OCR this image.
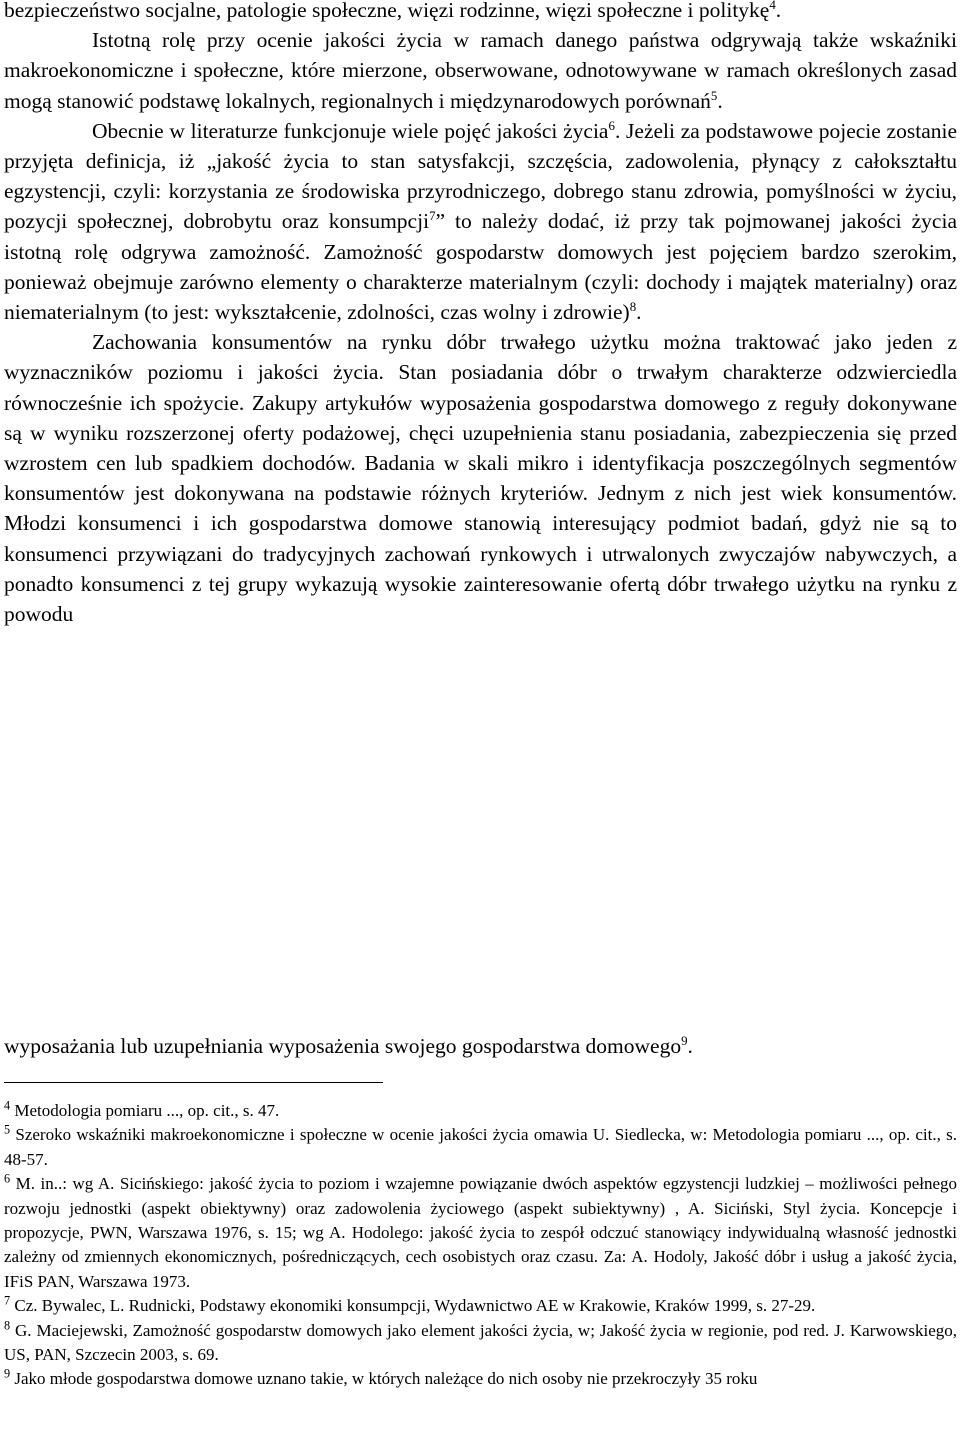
bezpieczeństwo socjalne, patologie społeczne, więzi rodzinne, więzi społeczne i politykę$^4$.
Istotną rolę przy ocenie jakości życia w ramach danego państwa odgrywają także wskaźniki makroekonomiczne i społeczne, które mierzone, obserwowane, odnotowywane w ramach określonych zasad mogą stanowić podstawę lokalnych, regionalnych i międzynarodowych porównań$^5$.
Obecnie w literaturze funkcjonuje wiele pojęć jakości życia$^6$. Jeżeli za podstawowe pojecie zostanie przyjęta definicja, iż „jakość życia to stan satysfakcji, szczęścia, zadowolenia, płynący z całokształtu egzystencji, czyli: korzystania ze środowiska przyrodniczego, dobrego stanu zdrowia, pomyślności w życiu, pozycji społecznej, dobrobytu oraz konsumpcji$^7$” to należy dodać, iż przy tak pojmowanej jakości życia istotną rolę odgrywa zamożność. Zamożność gospodarstw domowych jest pojęciem bardzo szerokim, ponieważ obejmuje zarówno elementy o charakterze materialnym (czyli: dochody i majątek materialny) oraz niematerialnym (to jest: wykształcenie, zdolności, czas wolny i zdrowie)$^8$.
Zachowania konsumentów na rynku dóbr trwałego użytku można traktować jako jeden z wyznaczników poziomu i jakości życia. Stan posiadania dóbr o trwałym charakterze odzwierciedla równocześnie ich spożycie. Zakupy artykułów wyposażenia gospodarstwa domowego z reguły dokonywane są w wyniku rozszerzonej oferty podażowej, chęci uzupełnienia stanu posiadania, zabezpieczenia się przed wzrostem cen lub spadkiem dochodów. Badania w skali mikro i identyfikacja poszczególnych segmentów konsumentów jest dokonywana na podstawie różnych kryteriów. Jednym z nich jest wiek konsumentów. Młodzi konsumenci i ich gospodarstwa domowe stanowią interesujący podmiot badań, gdyż nie są to konsumenci przywiązani do tradycyjnych zachowań rynkowych i utrwalonych zwyczajów nabywczych, a ponadto konsumenci z tej grupy wykazują wysokie zainteresowanie ofertą dóbr trwałego użytku na rynku z powodu

wyposażania lub uzupełniania wyposażenia swojego gospodarstwa domowego$^9$.

$^4$ Metodologia pomiaru ..., op. cit., s. 47.

$^5$ Szeroko wskaźniki makroekonomiczne i społeczne w ocenie jakości życia omawia U. Siedlecka, w: Metodologia pomiaru ..., op. cit., s. 48-57.

$^6$ M. in..: wg A. Sicińskiego: jakość życia to poziom i wzajemne powiązanie dwóch aspektów egzystencji ludzkiej – możliwości pełnego rozwoju jednostki (aspekt obiektywny) oraz zadowolenia życiowego (aspekt subiektywny) , A. Siciński, Styl życia. Koncepcje i propozycje, PWN, Warszawa 1976, s. 15; wg A. Hodolego: jakość życia to zespół odczuć stanowiący indywidualną własność jednostki zależny od zmiennych ekonomicznych, pośredniczących, cech osobistych oraz czasu. Za: A. Hodoly, Jakość dóbr i usług a jakość życia, IFiS PAN, Warszawa 1973.

$^7$ Cz. Bywalec, L. Rudnicki, Podstawy ekonomiki konsumpcji, Wydawnictwo AE w Krakowie, Kraków 1999, s. 27-29.

$^8$ G. Maciejewski, Zamożność gospodarstw domowych jako element jakości życia, w; Jakość życia w regionie, pod red. J. Karwowskiego, US, PAN, Szczecin 2003, s. 69.

$^9$ Jako młode gospodarstwa domowe uznano takie, w których należące do nich osoby nie przekroczyły 35 roku
